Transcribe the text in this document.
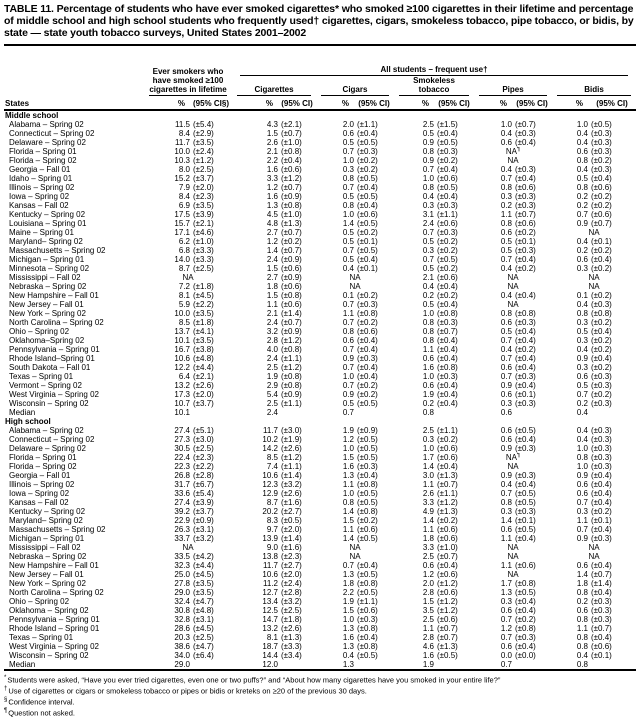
TABLE 11. Percentage of students who have ever smoked cigarettes* who smoked ≥100 cigarettes in their lifetime and percentage of middle school and high school students who frequently used† cigarettes, cigars, smokeless tobacco, pipe tobacco, or bidis, by state — state youth tobacco surveys, United States 2001–2002

	Ever smokers who have smoked ≥100 cigarettes in lifetime		All students – frequent use†									

			Cigarettes		Cigars		Smokeless tobacco		Pipes		Bidis	

States	%	(95% CI§)	%	(95% CI)	%	(95% CI)	%	(95% CI)	%	(95% CI)	%	(95% CI)
Middle school												
Alabama – Spring 02	11.5	(±5.4)	4.3	(±2.1)	2.0	(±1.1)	2.5	(±1.5)	1.0	(±0.7)	1.0	(±0.5)
Connecticut – Spring 02	8.4	(±2.9)	1.5	(±0.7)	0.6	(±0.4)	0.5	(±0.4)	0.4	(±0.3)	0.4	(±0.3)
Delaware – Spring 02	11.7	(±3.5)	2.6	(±1.0)	0.5	(±0.5)	0.9	(±0.5)	0.6	(±0.4)	0.4	(±0.3)
Florida – Spring 01	10.0	(±2.4)	2.1	(±0.8)	0.7	(±0.3)	0.8	(±0.3)	NA¶		0.6	(±0.3)
Florida – Spring 02	10.3	(±1.2)	2.2	(±0.4)	1.0	(±0.2)	0.9	(±0.2)	NA		0.8	(±0.2)
Georgia – Fall 01	8.0	(±2.5)	1.6	(±0.6)	0.3	(±0.2)	0.7	(±0.4)	0.4	(±0.3)	0.4	(±0.3)
Idaho – Spring 01	15.2	(±3.7)	3.3	(±1.2)	0.8	(±0.5)	1.0	(±0.6)	0.7	(±0.4)	0.5	(±0.4)
Illinois – Spring 02	7.9	(±2.0)	1.2	(±0.7)	0.7	(±0.4)	0.8	(±0.5)	0.8	(±0.6)	0.8	(±0.6)
Iowa – Spring 02	8.4	(±2.3)	1.6	(±0.9)	0.5	(±0.5)	0.4	(±0.4)	0.3	(±0.3)	0.2	(±0.2)
Kansas – Fall 02	6.9	(±3.5)	1.3	(±0.8)	0.8	(±0.4)	0.3	(±0.3)	0.2	(±0.3)	0.2	(±0.2)
Kentucky – Spring 02	17.5	(±3.9)	4.5	(±1.0)	1.0	(±0.6)	3.1	(±1.1)	1.1	(±0.7)	0.7	(±0.6)
Louisiana – Spring 01	15.7	(±2.1)	4.8	(±1.3)	1.4	(±0.5)	2.4	(±0.6)	0.8	(±0.6)	0.9	(±0.7)
Maine – Spring 01	17.1	(±4.6)	2.7	(±0.7)	0.5	(±0.2)	0.7	(±0.3)	0.6	(±0.2)	NA	
Maryland– Spring 02	6.2	(±1.0)	1.2	(±0.2)	0.5	(±0.1)	0.5	(±0.2)	0.5	(±0.1)	0.4	(±0.1)
Massachusetts – Spring 02	6.8	(±3.3)	1.4	(±0.7)	0.7	(±0.5)	0.3	(±0.2)	0.5	(±0.3)	0.2	(±0.2)
Michigan – Spring 01	14.0	(±3.3)	2.4	(±0.9)	0.5	(±0.4)	0.7	(±0.5)	0.7	(±0.4)	0.6	(±0.4)
Minnesota – Spring 02	8.7	(±2.5)	1.5	(±0.6)	0.4	(±0.1)	0.5	(±0.2)	0.4	(±0.2)	0.3	(±0.2)
Mississippi – Fall 02	NA		2.7	(±0.9)	NA		2.1	(±0.6)	NA		NA	
Nebraska – Spring 02	7.2	(±1.8)	1.8	(±0.6)	NA		0.4	(±0.4)	NA		NA	
New Hampshire – Fall 01	8.1	(±4.5)	1.5	(±0.8)	0.1	(±0.2)	0.2	(±0.2)	0.4	(±0.4)	0.1	(±0.2)
New Jersey – Fall 01	5.9	(±2.2)	1.1	(±0.6)	0.7	(±0.3)	0.5	(±0.4)	NA		0.4	(±0.3)
New York – Spring 02	10.0	(±3.5)	2.1	(±1.4)	1.1	(±0.8)	1.0	(±0.8)	0.8	(±0.8)	0.8	(±0.8)
North Carolina – Spring 02	8.5	(±1.8)	2.4	(±0.7)	0.7	(±0.2)	0.8	(±0.3)	0.6	(±0.3)	0.3	(±0.2)
Ohio – Spring 02	13.7	(±4.1)	3.2	(±0.9)	0.8	(±0.6)	0.8	(±0.7)	0.5	(±0.4)	0.5	(±0.4)
Oklahoma–Spring 02	10.1	(±3.5)	2.8	(±1.2)	0.6	(±0.4)	0.8	(±0.4)	0.7	(±0.4)	0.3	(±0.2)
Pennsylvania – Spring 01	16.7	(±3.8)	4.0	(±0.8)	0.7	(±0.4)	1.1	(±0.4)	0.4	(±0.2)	0.4	(±0.2)
Rhode Island–Spring 01	10.6	(±4.8)	2.4	(±1.1)	0.9	(±0.3)	0.6	(±0.4)	0.7	(±0.4)	0.9	(±0.4)
South Dakota – Fall 01	12.2	(±4.4)	2.5	(±1.2)	0.7	(±0.4)	1.6	(±0.8)	0.6	(±0.4)	0.3	(±0.2)
Texas – Spring 01	6.4	(±2.1)	1.9	(±0.8)	1.0	(±0.4)	1.0	(±0.3)	0.7	(±0.3)	0.6	(±0.3)
Vermont – Spring 02	13.2	(±2.6)	2.9	(±0.8)	0.7	(±0.2)	0.6	(±0.4)	0.9	(±0.4)	0.5	(±0.3)
West Virginia – Spring 02	17.3	(±2.0)	5.4	(±0.9)	0.9	(±0.2)	1.9	(±0.4)	0.6	(±0.1)	0.7	(±0.2)
Wisconsin – Spring 02	10.7	(±3.7)	2.5	(±1.1)	0.5	(±0.5)	0.2	(±0.4)	0.3	(±0.3)	0.2	(±0.3)
Median	10.1		2.4		0.7		0.8		0.6		0.4	
High school												
Alabama – Spring 02	27.4	(±5.1)	11.7	(±3.0)	1.9	(±0.9)	2.5	(±1.1)	0.6	(±0.5)	0.4	(±0.3)
Connecticut – Spring 02	27.3	(±3.0)	10.2	(±1.9)	1.2	(±0.5)	0.3	(±0.2)	0.6	(±0.4)	0.4	(±0.3)
Delaware – Spring 02	30.5	(±2.5)	14.2	(±2.6)	1.0	(±0.5)	1.0	(±0.6)	0.9	(±0.3)	1.0	(±0.3)
Florida – Spring 01	22.4	(±2.3)	8.5	(±1.2)	1.5	(±0.5)	1.7	(±0.6)	NA¶		0.8	(±0.3)
Florida – Spring 02	22.3	(±2.2)	7.4	(±1.1)	1.6	(±0.3)	1.4	(±0.4)	NA		1.0	(±0.3)
Georgia – Fall 01	26.8	(±2.8)	10.6	(±1.4)	1.3	(±0.4)	3.0	(±1.3)	0.9	(±0.3)	0.9	(±0.4)
Illinois – Spring 02	31.7	(±6.7)	12.3	(±3.2)	1.1	(±0.8)	1.1	(±0.7)	0.4	(±0.4)	0.6	(±0.4)
Iowa – Spring 02	33.6	(±5.4)	12.9	(±2.6)	1.0	(±0.5)	2.6	(±1.1)	0.7	(±0.5)	0.6	(±0.4)
Kansas – Fall 02	27.4	(±3.9)	8.7	(±1.6)	0.8	(±0.5)	3.3	(±1.2)	0.8	(±0.5)	0.7	(±0.4)
Kentucky – Spring 02	39.2	(±3.7)	20.2	(±2.7)	1.4	(±0.8)	4.9	(±1.3)	0.3	(±0.3)	0.3	(±0.2)
Maryland– Spring 02	22.9	(±0.9)	8.3	(±0.5)	1.5	(±0.2)	1.4	(±0.2)	1.4	(±0.1)	1.1	(±0.1)
Massachusetts – Spring 02	26.3	(±3.1)	9.7	(±2.0)	1.1	(±0.6)	1.1	(±0.6)	0.6	(±0.5)	0.7	(±0.4)
Michigan – Spring 01	33.7	(±3.2)	13.9	(±1.4)	1.4	(±0.5)	1.8	(±0.6)	1.1	(±0.4)	0.9	(±0.3)
Mississippi – Fall 02	NA		9.0	(±1.6)	NA		3.3	(±1.0)	NA		NA	
Nebraska – Spring 02	33.5	(±4.2)	13.8	(±2.3)	NA		2.5	(±0.7)	NA		NA	
New Hampshire – Fall 01	32.3	(±4.4)	11.7	(±2.7)	0.7	(±0.4)	0.6	(±0.4)	1.1	(±0.6)	0.6	(±0.4)
New Jersey – Fall 01	25.0	(±4.5)	10.6	(±2.0)	1.3	(±0.5)	1.2	(±0.6)	NA		1.4	(±0.7)
New York – Spring 02	27.8	(±3.5)	11.2	(±2.4)	1.8	(±0.8)	2.0	(±1.2)	1.7	(±0.8)	1.8	(±1.4)
North Carolina – Spring 02	29.0	(±3.5)	12.7	(±2.8)	2.2	(±0.5)	2.8	(±0.6)	1.3	(±0.5)	0.8	(±0.4)
Ohio – Spring 02	32.4	(±4.7)	13.4	(±3.2)	1.9	(±1.1)	1.5	(±1.2)	0.3	(±0.4)	0.2	(±0.3)
Oklahoma – Spring 02	30.8	(±4.8)	12.5	(±2.5)	1.5	(±0.6)	3.5	(±1.2)	0.6	(±0.4)	0.6	(±0.3)
Pennsylvania – Spring 01	32.8	(±3.1)	14.7	(±1.8)	1.0	(±0.3)	2.5	(±0.6)	0.7	(±0.2)	0.8	(±0.3)
Rhode Island – Spring 01	28.6	(±4.5)	13.2	(±2.6)	1.3	(±0.8)	1.1	(±0.7)	1.2	(±0.8)	1.1	(±0.7)
Texas – Spring 01	20.3	(±2.5)	8.1	(±1.3)	1.6	(±0.4)	2.8	(±0.7)	0.7	(±0.3)	0.8	(±0.4)
West Virginia – Spring 02	38.6	(±4.7)	18.7	(±3.3)	1.3	(±0.8)	4.6	(±1.3)	0.6	(±0.4)	0.8	(±0.6)
Wisconsin – Spring 02	34.0	(±6.4)	14.4	(±3.4)	0.4	(±0.5)	1.6	(±0.5)	0.0	(±0.0)	0.4	(±0.1)
Median	29.0		12.0		1.3		1.9		0.7		0.8	
*Students were asked, “Have you ever tried cigarettes, even one or two puffs?” and “About how many cigarettes have you smoked in your entire life?”
†Use of cigarettes or cigars or smokeless tobacco or pipes or bidis or kreteks on ≥20 of the previous 30 days.
§Confidence interval.
¶Question not asked.
